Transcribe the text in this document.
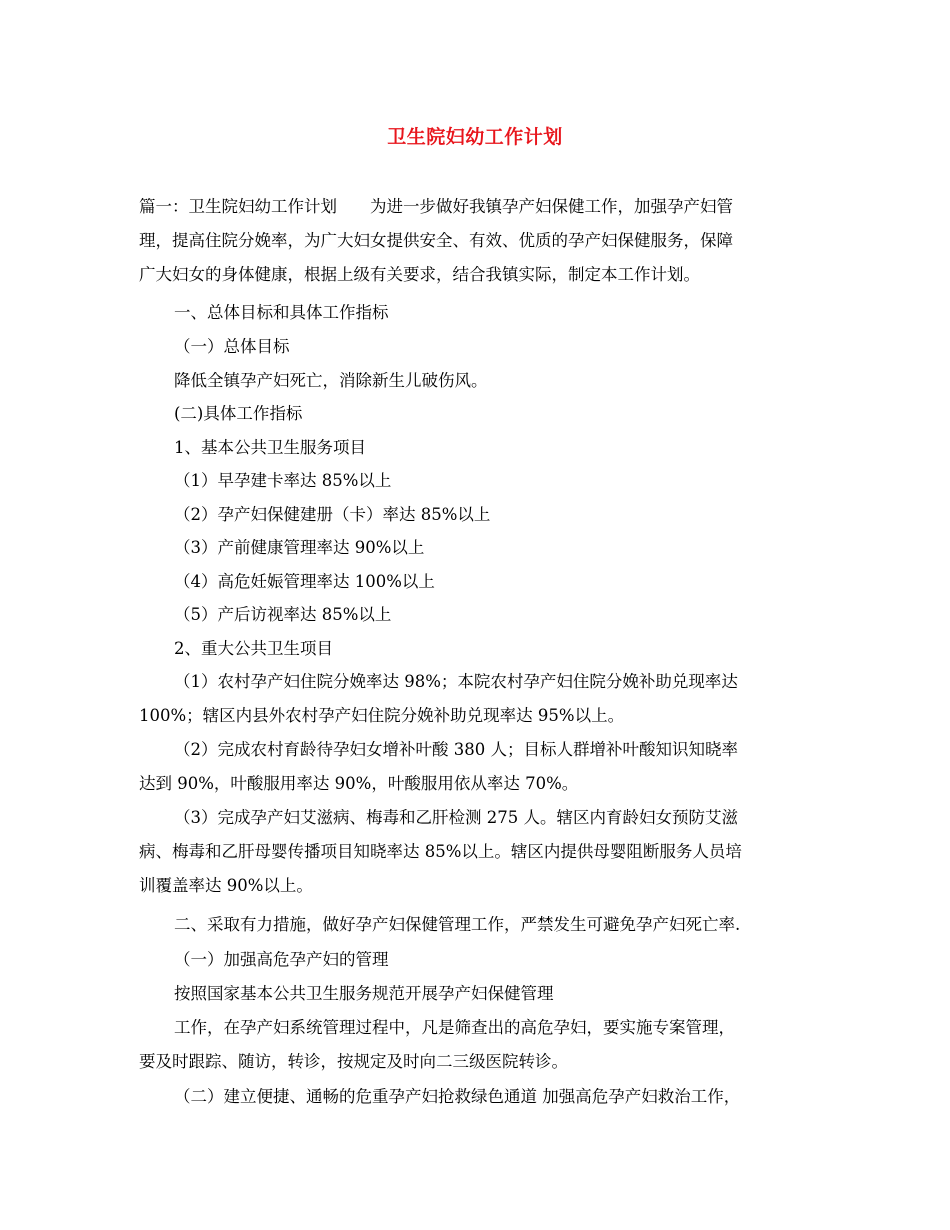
卫生院妇幼工作计划
篇一：卫生院妇幼工作计划　　为进一步做好我镇孕产妇保健工作，加强孕产妇管
理，提高住院分娩率，为广大妇女提供安全、有效、优质的孕产妇保健服务，保障
广大妇女的身体健康，根据上级有关要求，结合我镇实际，制定本工作计划。
一、总体目标和具体工作指标
（一）总体目标
降低全镇孕产妇死亡，消除新生儿破伤风。
(二)具体工作指标
1、基本公共卫生服务项目
（1）早孕建卡率达 85%以上
（2）孕产妇保健建册（卡）率达 85%以上
（3）产前健康管理率达 90%以上
（4）高危妊娠管理率达 100%以上
（5）产后访视率达 85%以上
2、重大公共卫生项目
（1）农村孕产妇住院分娩率达 98%；本院农村孕产妇住院分娩补助兑现率达
100%；辖区内县外农村孕产妇住院分娩补助兑现率达 95%以上。
（2）完成农村育龄待孕妇女增补叶酸 380 人；目标人群增补叶酸知识知晓率
达到 90%，叶酸服用率达 90%，叶酸服用依从率达 70%。
（3）完成孕产妇艾滋病、梅毒和乙肝检测 275 人。辖区内育龄妇女预防艾滋
病、梅毒和乙肝母婴传播项目知晓率达 85%以上。辖区内提供母婴阻断服务人员培
训覆盖率达 90%以上。
二、采取有力措施，做好孕产妇保健管理工作，严禁发生可避免孕产妇死亡率.
（一）加强高危孕产妇的管理
按照国家基本公共卫生服务规范开展孕产妇保健管理
工作，在孕产妇系统管理过程中，凡是筛查出的高危孕妇，要实施专案管理，
要及时跟踪、随访，转诊，按规定及时向二三级医院转诊。
（二）建立便捷、通畅的危重孕产妇抢救绿色通道 加强高危孕产妇救治工作，
